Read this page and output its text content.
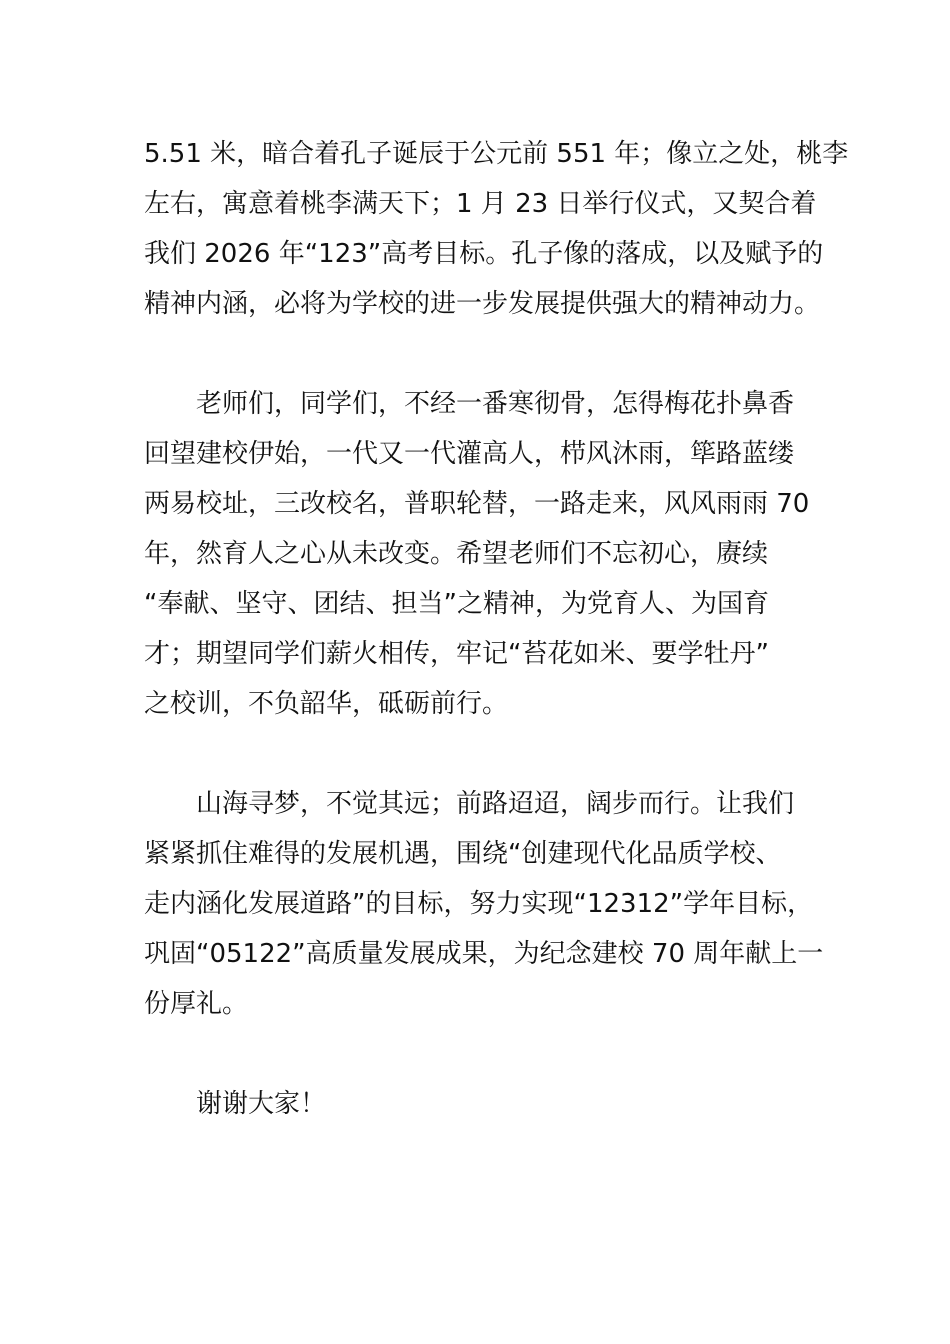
5.51 米，暗合着孔子诞辰于公元前 551 年；像立之处，桃李
左右，寓意着桃李满天下；1 月 23 日举行仪式，又契合着
我们 2026 年“123”高考目标。孔子像的落成，以及赋予的
精神内涵，必将为学校的进一步发展提供强大的精神动力。
老师们，同学们，不经一番寒彻骨，怎得梅花扑鼻香
回望建校伊始，一代又一代灌高人，栉风沐雨，筚路蓝缕
两易校址，三改校名，普职轮替，一路走来，风风雨雨 70
年，然育人之心从未改变。希望老师们不忘初心，赓续
“奉献、坚守、团结、担当”之精神，为党育人、为国育
才；期望同学们薪火相传，牢记“苔花如米、要学牡丹”
之校训，不负韶华，砥砺前行。
山海寻梦，不觉其远；前路迢迢，阔步而行。让我们
紧紧抓住难得的发展机遇，围绕“创建现代化品质学校、
走内涵化发展道路”的目标，努力实现“12312”学年目标，
巩固“05122”高质量发展成果，为纪念建校 70 周年献上一
份厚礼。
谢谢大家！
